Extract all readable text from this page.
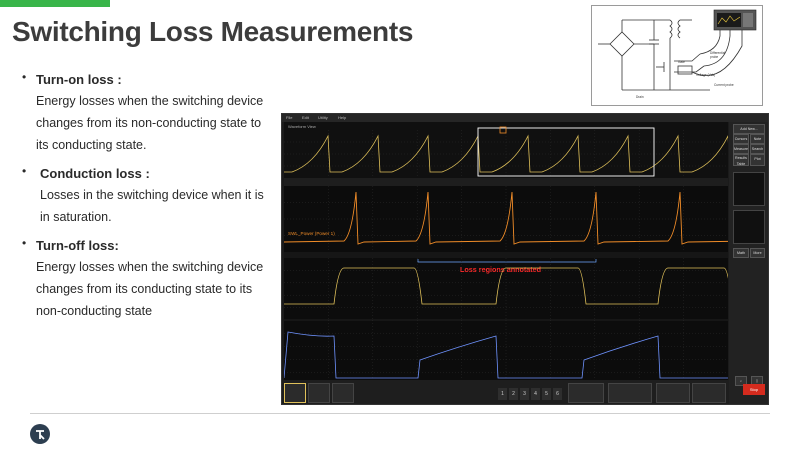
Switching Loss Measurements
• Turn-on loss :
Energy losses when the switching device changes from its non-conducting state to its conducting state.
•	Conduction loss :
Losses in the switching device when it is in saturation.
• Turn-off loss:
Energy losses when the switching device changes from its conducting state to its non-conducting state
Differential
probe
Gate
Voltage (Vds)
Current probe
Drain
File Edit Utility	Help
Waveform View
SWL_Power (Power 1)
Loss regions annotated
Add New...
Cursors	Note
Measure	Search
Results Table
Plot
Math	More
⌕	▯
1	2	3	4	5	6
Stop
